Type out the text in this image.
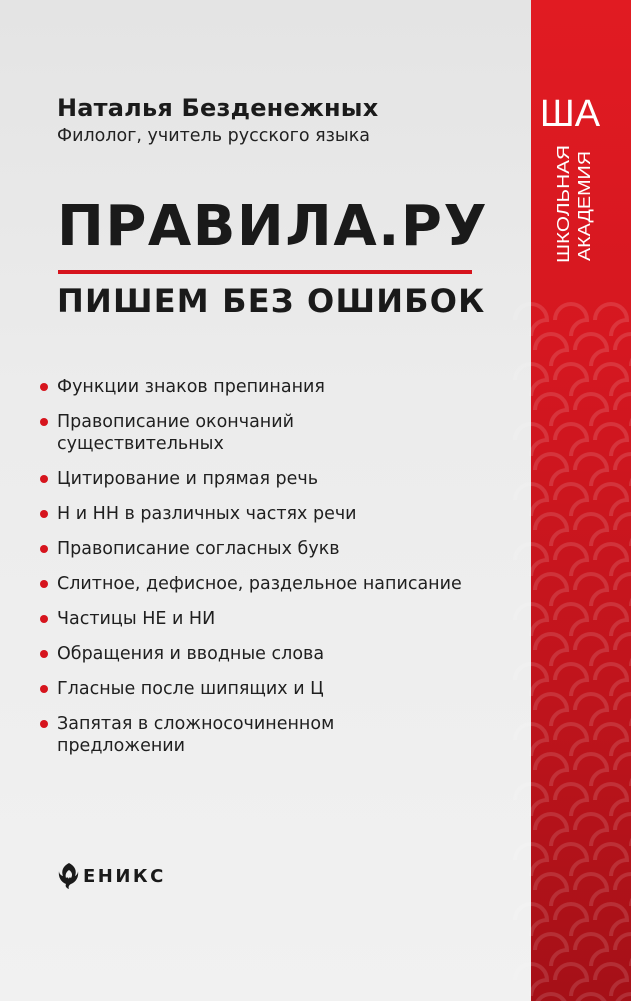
Наталья Безденежных
Филолог, учитель русского языка
ПРАВИЛА.РУ
ПИШЕМ БЕЗ ОШИБОК
Функции знаков препинания
Правописание окончаний существительных
Цитирование и прямая речь
Н и НН в различных частях речи
Правописание согласных букв
Слитное, дефисное, раздельное написание
Частицы НЕ и НИ
Обращения и вводные слова
Гласные после шипящих и Ц
Запятая в сложносочиненном предложении
ЕНИКС
ША
ШКОЛЬНАЯ АКАДЕМИЯ
